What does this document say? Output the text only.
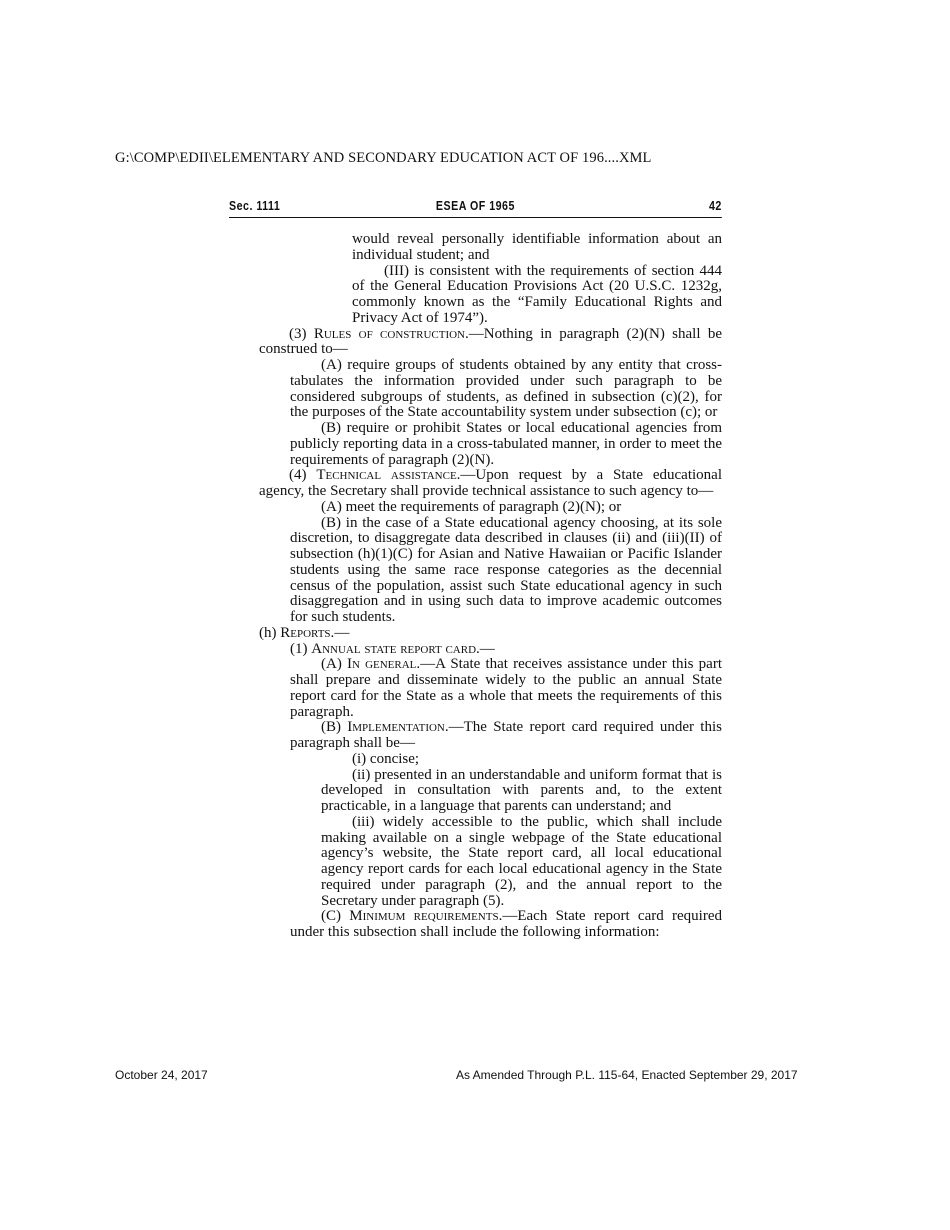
G:\COMP\EDII\ELEMENTARY AND SECONDARY EDUCATION ACT OF 196....XML
Sec. 1111	ESEA OF 1965	42

would reveal personally identifiable information about an individual student; and

(III) is consistent with the requirements of section 444 of the General Education Provisions Act (20 U.S.C. 1232g, commonly known as the “Family Educational Rights and Privacy Act of 1974”).

(3) Rules of construction.—Nothing in paragraph (2)(N) shall be construed to—

(A) require groups of students obtained by any entity that cross-tabulates the information provided under such paragraph to be considered subgroups of students, as defined in subsection (c)(2), for the purposes of the State accountability system under subsection (c); or

(B) require or prohibit States or local educational agencies from publicly reporting data in a cross-tabulated manner, in order to meet the requirements of paragraph (2)(N).

(4) Technical assistance.—Upon request by a State educational agency, the Secretary shall provide technical assistance to such agency to—

(A) meet the requirements of paragraph (2)(N); or

(B) in the case of a State educational agency choosing, at its sole discretion, to disaggregate data described in clauses (ii) and (iii)(II) of subsection (h)(1)(C) for Asian and Native Hawaiian or Pacific Islander students using the same race response categories as the decennial census of the population, assist such State educational agency in such disaggregation and in using such data to improve academic outcomes for such students.

(h) Reports.—

(1) Annual state report card.—

(A) In general.—A State that receives assistance under this part shall prepare and disseminate widely to the public an annual State report card for the State as a whole that meets the requirements of this paragraph.

(B) Implementation.—The State report card required under this paragraph shall be—

(i) concise;

(ii) presented in an understandable and uniform format that is developed in consultation with parents and, to the extent practicable, in a language that parents can understand; and

(iii) widely accessible to the public, which shall include making available on a single webpage of the State educational agency’s website, the State report card, all local educational agency report cards for each local educational agency in the State required under paragraph (2), and the annual report to the Secretary under paragraph (5).

(C) Minimum requirements.—Each State report card required under this subsection shall include the following information:

October 24, 2017	As Amended Through P.L. 115-64, Enacted September 29, 2017
